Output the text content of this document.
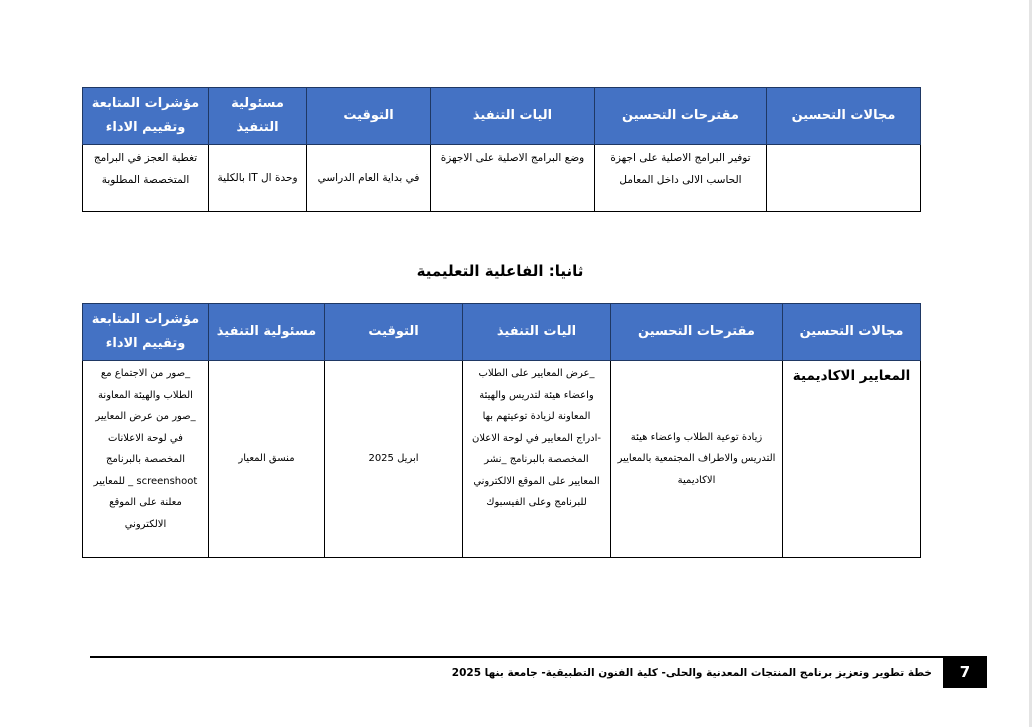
مجالات التحسين	مقترحات التحسين	اليات التنفيذ	التوقيت	مسئولية التنفيذ	مؤشرات المتابعة وتقييم الاداء
	توفير البرامج الاصلية على اجهزة الحاسب الالى داخل المعامل	وضع البرامج الاصلية على الاجهزة	في بداية العام الدراسي	وحدة ال IT بالكلية	تغطية العجز في البرامج المتخصصة المطلوبة
ثانيا: الفاعلية التعليمية
مجالات التحسين	مقترحات التحسين	اليات التنفيذ	التوقيت	مسئولية التنفيذ	مؤشرات المتابعة وتقييم الاداء
المعايير الاكاديمية	زيادة توعية الطلاب واعضاء هيئة التدريس والاطراف المجتمعية بالمعايير الاكاديمية	_عرض المعايير على الطلاب واعضاء هيئة لتدريس والهيئة المعاونة لزيادة توعيتهم بها -ادراج المعايير في لوحة الاعلان المخصصة بالبرنامج _نشر المعايير على الموقع الالكتروني للبرنامج وعلى الفيسبوك	ابريل 2025	منسق المعيار	_صور من الاجتماع مع الطلاب والهيئة المعاونة _صور من عرض المعايير في لوحة الاعلانات المخصصة بالبرنامج screenshoot _ للمعايير معلنة على الموقع الالكتروني
خطة تطوير وتعزيز برنامج المنتجات المعدنية والحلى- كلية الفنون التطبيقية- جامعة بنها 2025	7
